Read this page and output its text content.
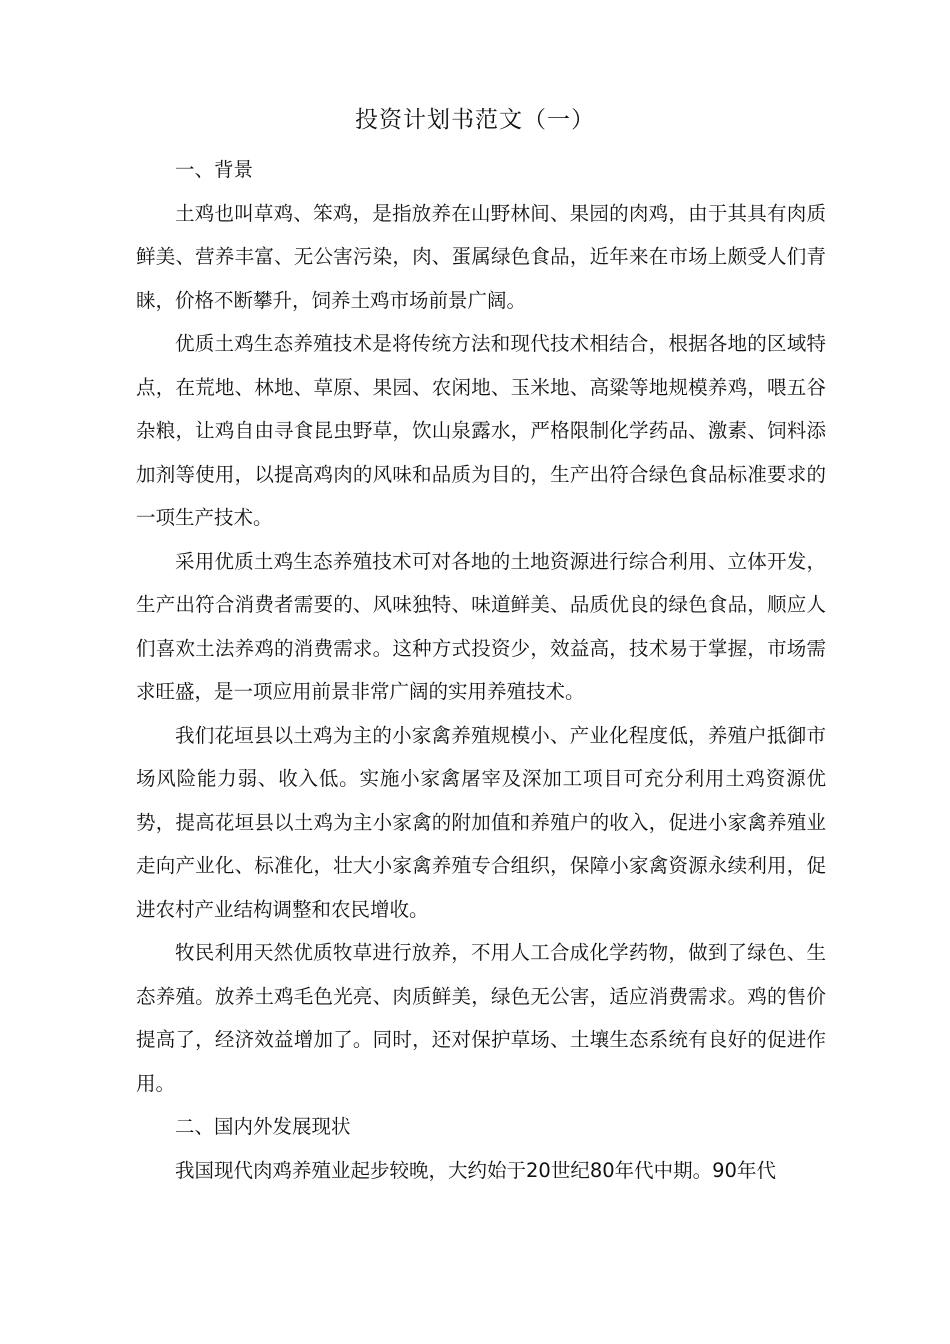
投资计划书范文（一）

一、背景

土鸡也叫草鸡、笨鸡，是指放养在山野林间、果园的肉鸡，由于其具有肉质鲜美、营养丰富、无公害污染，肉、蛋属绿色食品，近年来在市场上颇受人们青睐，价格不断攀升，饲养土鸡市场前景广阔。

优质土鸡生态养殖技术是将传统方法和现代技术相结合，根据各地的区域特点，在荒地、林地、草原、果园、农闲地、玉米地、高粱等地规模养鸡，喂五谷杂粮，让鸡自由寻食昆虫野草，饮山泉露水，严格限制化学药品、激素、饲料添加剂等使用，以提高鸡肉的风味和品质为目的，生产出符合绿色食品标准要求的一项生产技术。

采用优质土鸡生态养殖技术可对各地的土地资源进行综合利用、立体开发，生产出符合消费者需要的、风味独特、味道鲜美、品质优良的绿色食品，顺应人们喜欢土法养鸡的消费需求。这种方式投资少，效益高，技术易于掌握，市场需求旺盛，是一项应用前景非常广阔的实用养殖技术。

我们花垣县以土鸡为主的小家禽养殖规模小、产业化程度低，养殖户抵御市场风险能力弱、收入低。实施小家禽屠宰及深加工项目可充分利用土鸡资源优势，提高花垣县以土鸡为主小家禽的附加值和养殖户的收入，促进小家禽养殖业走向产业化、标准化，壮大小家禽养殖专合组织，保障小家禽资源永续利用，促进农村产业结构调整和农民增收。

牧民利用天然优质牧草进行放养，不用人工合成化学药物，做到了绿色、生态养殖。放养土鸡毛色光亮、肉质鲜美，绿色无公害，适应消费需求。鸡的售价提高了，经济效益增加了。同时，还对保护草场、土壤生态系统有良好的促进作用。

二、国内外发展现状

我国现代肉鸡养殖业起步较晚，大约始于20世纪80年代中期。90年代
